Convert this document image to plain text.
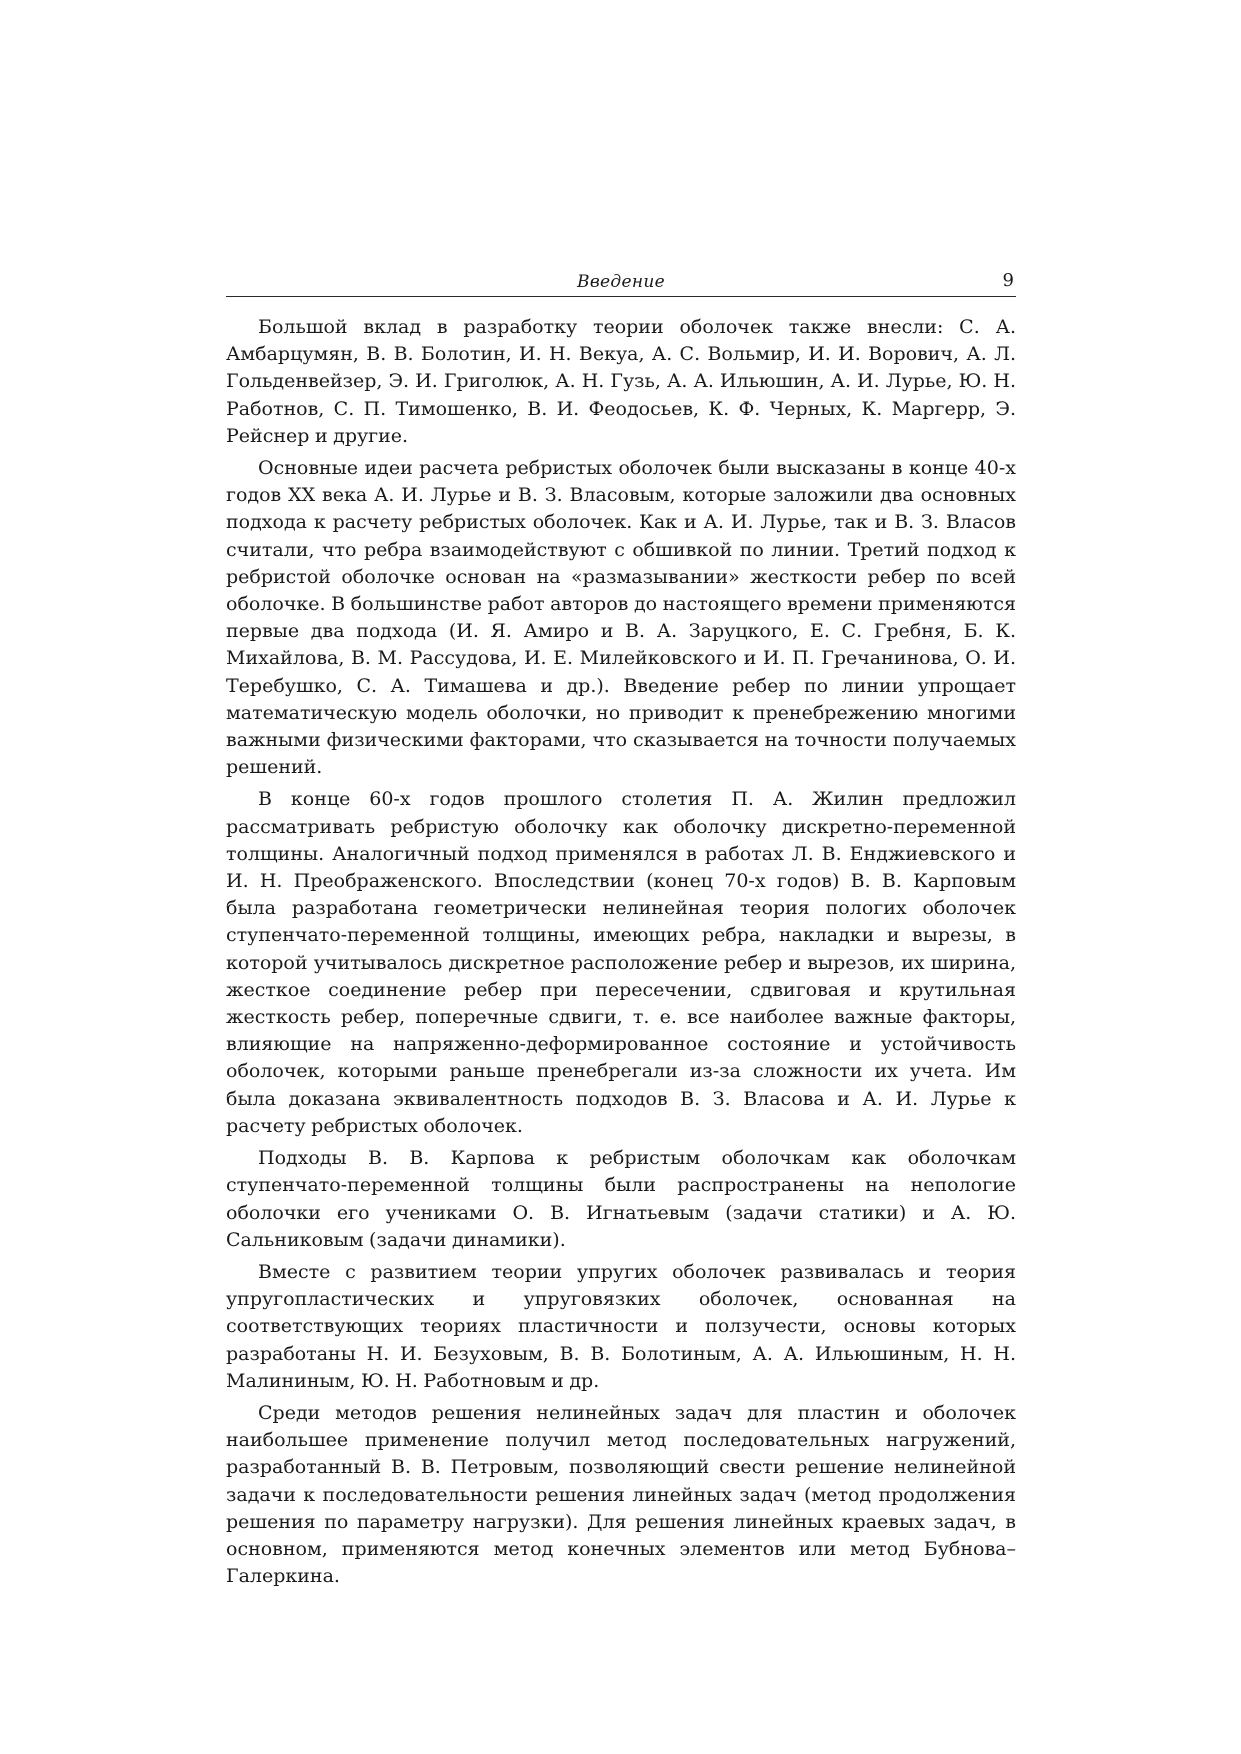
Введение	9

Большой вклад в разработку теории оболочек также внесли: С. А. Амбарцумян, В. В. Болотин, И. Н. Векуа, А. С. Вольмир, И. И. Ворович, А. Л. Гольденвейзер, Э. И. Григолюк, А. Н. Гузь, А. А. Ильюшин, А. И. Лурье, Ю. Н. Работнов, С. П. Тимошенко, В. И. Феодосьев, К. Ф. Черных, К. Маргерр, Э. Рейснер и другие.

Основные идеи расчета ребристых оболочек были высказаны в конце 40-х годов XX века А. И. Лурье и В. З. Власовым, которые заложили два основных подхода к расчету ребристых оболочек. Как и А. И. Лурье, так и В. З. Власов считали, что ребра взаимодействуют с обшивкой по линии. Третий подход к ребристой оболочке основан на «размазывании» жесткости ребер по всей оболочке. В большинстве работ авторов до настоящего времени применяются первые два подхода (И. Я. Амиро и В. А. Заруцкого, Е. С. Гребня, Б. К. Михайлова, В. М. Рассудова, И. Е. Милейковского и И. П. Гречанинова, О. И. Теребушко, С. А. Тимашева и др.). Введение ребер по линии упрощает математическую модель оболочки, но приводит к пренебрежению многими важными физическими факторами, что сказывается на точности получаемых решений.

В конце 60-х годов прошлого столетия П. А. Жилин предложил рассматривать ребристую оболочку как оболочку дискретно-переменной толщины. Аналогичный подход применялся в работах Л. В. Енджиевского и И. Н. Преображенского. Впоследствии (конец 70-х годов) В. В. Карповым была разработана геометрически нелинейная теория пологих оболочек ступенчато-переменной толщины, имеющих ребра, накладки и вырезы, в которой учитывалось дискретное расположение ребер и вырезов, их ширина, жесткое соединение ребер при пересечении, сдвиговая и крутильная жесткость ребер, поперечные сдвиги, т. е. все наиболее важные факторы, влияющие на напряженно-деформированное состояние и устойчивость оболочек, которыми раньше пренебрегали из-за сложности их учета. Им была доказана эквивалентность подходов В. З. Власова и А. И. Лурье к расчету ребристых оболочек.

Подходы В. В. Карпова к ребристым оболочкам как оболочкам ступенчато-переменной толщины были распространены на непологие оболочки его учениками О. В. Игнатьевым (задачи статики) и А. Ю. Сальниковым (задачи динамики).

Вместе с развитием теории упругих оболочек развивалась и теория упругопластических и упруговязких оболочек, основанная на соответствующих теориях пластичности и ползучести, основы которых разработаны Н. И. Безуховым, В. В. Болотиным, А. А. Ильюшиным, Н. Н. Малининым, Ю. Н. Работновым и др.

Среди методов решения нелинейных задач для пластин и оболочек наибольшее применение получил метод последовательных нагружений, разработанный В. В. Петровым, позволяющий свести решение нелинейной задачи к последовательности решения линейных задач (метод продолжения решения по параметру нагрузки). Для решения линейных краевых задач, в основном, применяются метод конечных элементов или метод Бубнова–Галеркина.
